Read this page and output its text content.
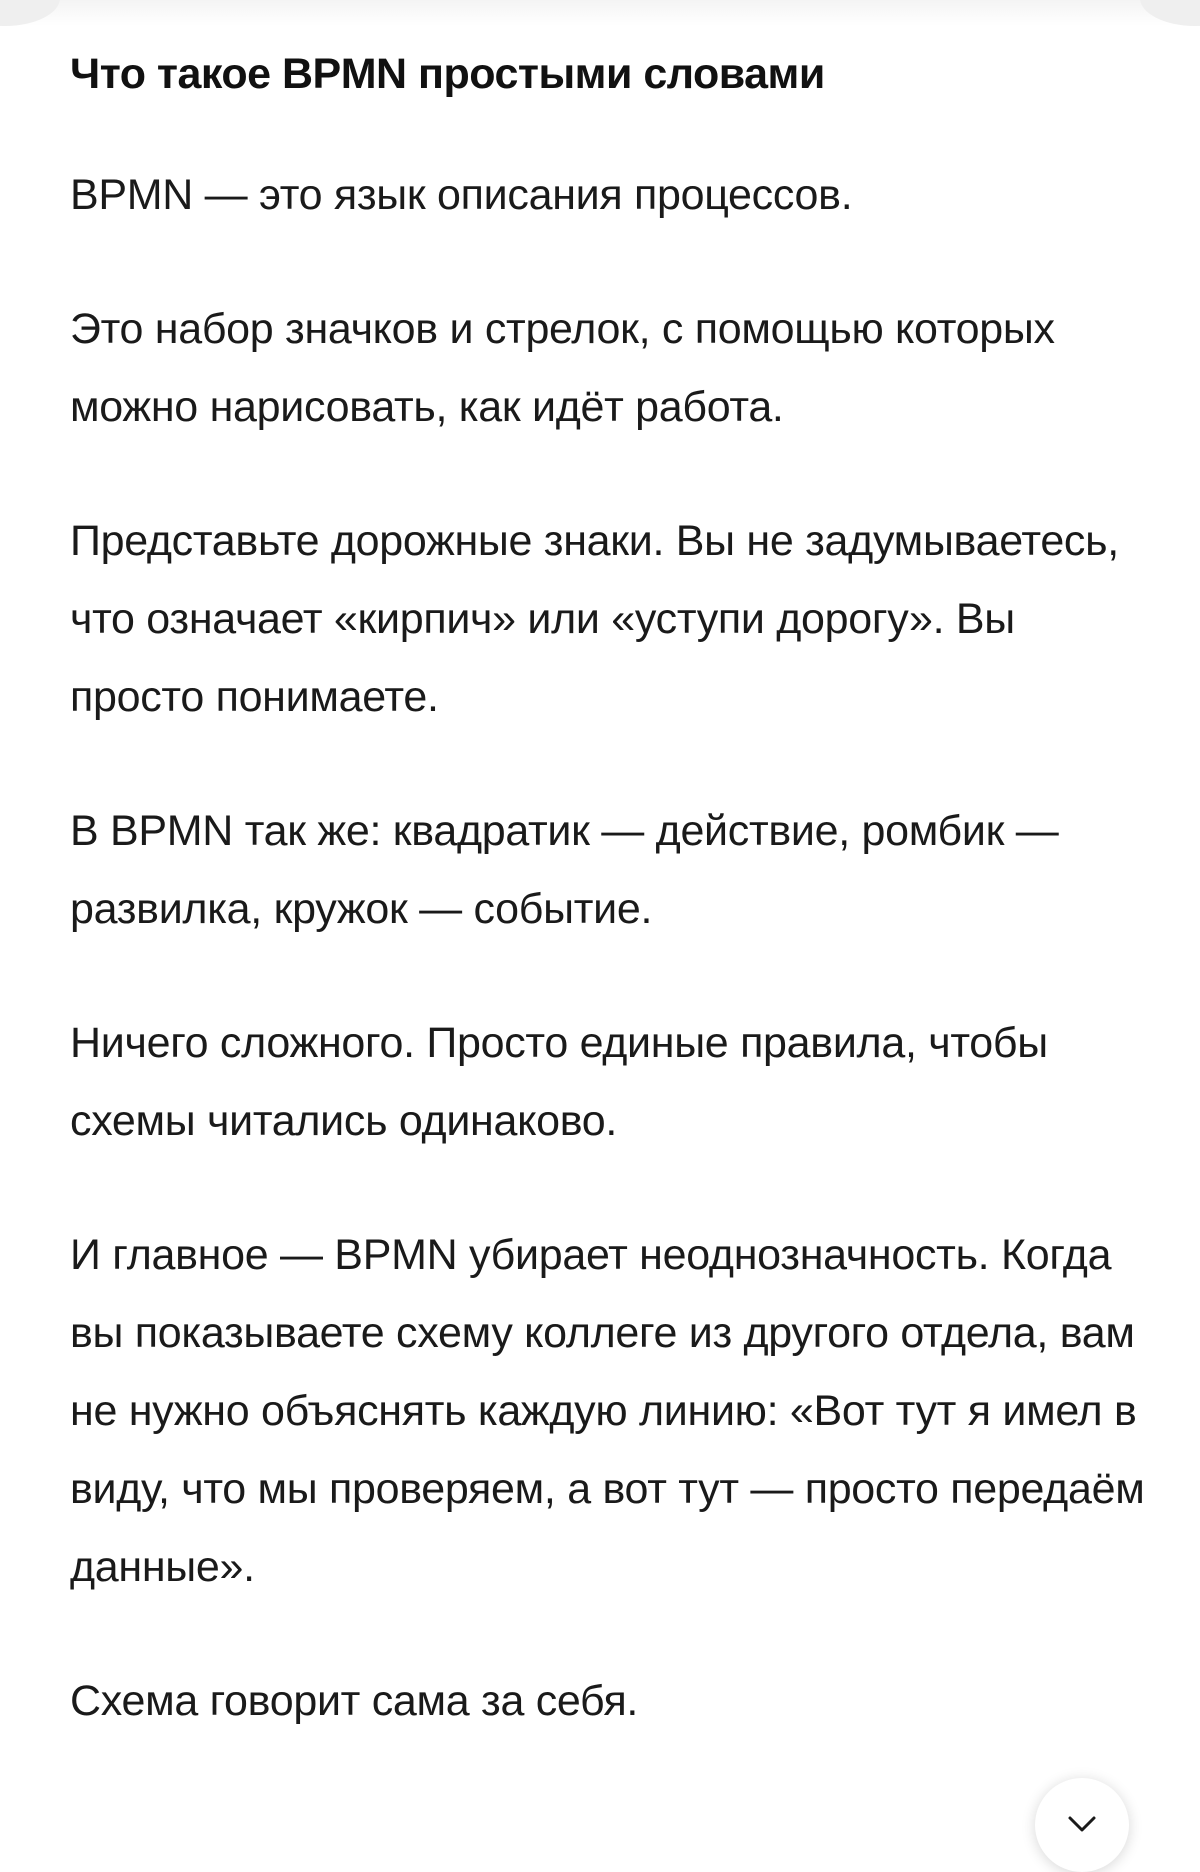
Что такое BPMN простыми словами

BPMN — это язык описания процессов.

Это набор значков и стрелок, с помощью которых можно нарисовать, как идёт работа.

Представьте дорожные знаки. Вы не задумываетесь, что означает «кирпич» или «уступи дорогу». Вы просто понимаете.

В BPMN так же: квадратик — действие, ромбик — развилка, кружок — событие.

Ничего сложного. Просто единые правила, чтобы схемы читались одинаково.

И главное — BPMN убирает неоднозначность. Когда вы показываете схему коллеге из другого отдела, вам не нужно объяснять каждую линию: «Вот тут я имел в виду, что мы проверяем, а вот тут — просто передаём данные».

Схема говорит сама за себя.
